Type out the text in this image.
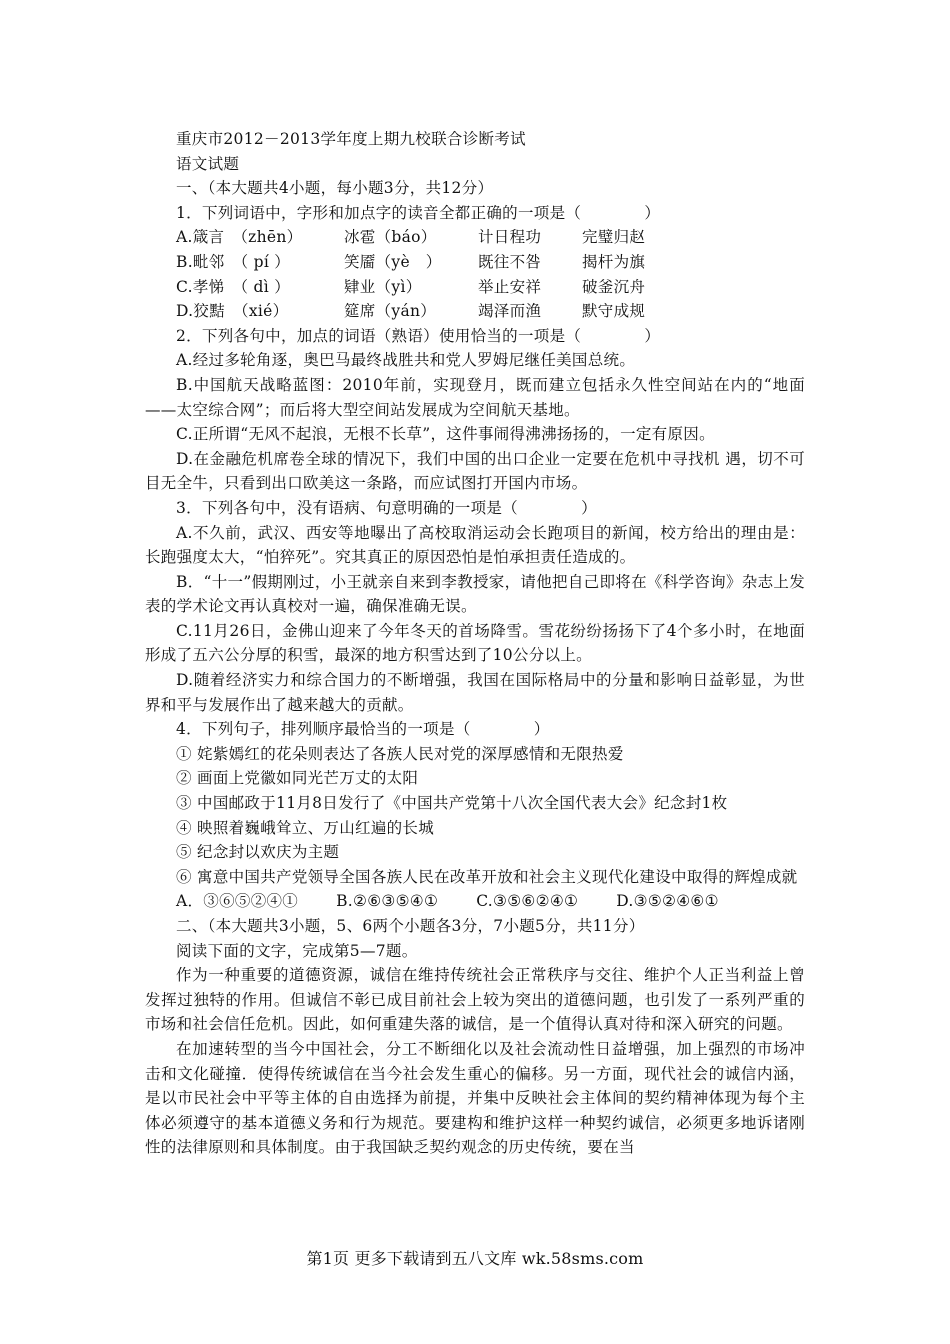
重庆市2012－2013学年度上期九校联合诊断考试
语文试题
一、（本大题共4小题，每小题3分，共12分）
1．下列词语中，字形和加点字的读音全都正确的一项是（　　　　）
A.箴言　（zhēn）	冰雹（báo）	计日程功	完璧归赵
B.毗邻　（ pí ）	笑靥（yè　） 既往不咎	揭杆为旗
C.孝悌　（ dì ）	肄业（yì）	举止安祥	破釜沉舟
D.狡黠　（xié）	筵席（yán）	竭泽而渔	默守成规
2．下列各句中，加点的词语（熟语）使用恰当的一项是（　　　　）
A.经过多轮角逐，奥巴马最终战胜共和党人罗姆尼继任美国总统。
B.中国航天战略蓝图：2010年前，实现登月，既而建立包括永久性空间站在内的“地面——太空综合网”；而后将大型空间站发展成为空间航天基地。
C.正所谓“无风不起浪，无根不长草”，这件事闹得沸沸扬扬的，一定有原因。
D.在金融危机席卷全球的情况下，我们中国的出口企业一定要在危机中寻找机 遇，切不可目无全牛，只看到出口欧美这一条路，而应试图打开国内市场。
3．下列各句中，没有语病、句意明确的一项是（　　　　）
A.不久前，武汉、西安等地曝出了高校取消运动会长跑项目的新闻，校方给出的理由是：长跑强度太大，“怕猝死”。究其真正的原因恐怕是怕承担责任造成的。
B．“十一”假期刚过，小王就亲自来到李教授家，请他把自己即将在《科学咨询》杂志上发表的学术论文再认真校对一遍，确保准确无误。
C.11月26日，金佛山迎来了今年冬天的首场降雪。雪花纷纷扬扬下了4个多小时，在地面形成了五六公分厚的积雪，最深的地方积雪达到了10公分以上。
D.随着经济实力和综合国力的不断增强，我国在国际格局中的分量和影响日益彰显，为世界和平与发展作出了越来越大的贡献。
4．下列句子，排列顺序最恰当的一项是（　　　　）
① 姹紫嫣红的花朵则表达了各族人民对党的深厚感情和无限热爱
② 画面上党徽如同光芒万丈的太阳
③ 中国邮政于11月8日发行了《中国共产党第十八次全国代表大会》纪念封1枚
④ 映照着巍峨耸立、万山红遍的长城
⑤ 纪念封以欢庆为主题
⑥ 寓意中国共产党领导全国各族人民在改革开放和社会主义现代化建设中取得的辉煌成就
A．③⑥⑤②④① B.②⑥③⑤④① C.③⑤⑥②④① D.③⑤②④⑥①
二、（本大题共3小题，5、6两个小题各3分，7小题5分，共11分）
阅读下面的文字，完成第5—7题。
作为一种重要的道德资源，诚信在维持传统社会正常秩序与交往、维护个人正当利益上曾发挥过独特的作用。但诚信不彰已成目前社会上较为突出的道德问题，也引发了一系列严重的市场和社会信任危机。因此，如何重建失落的诚信，是一个值得认真对待和深入研究的问题。
在加速转型的当今中国社会，分工不断细化以及社会流动性日益增强，加上强烈的市场冲击和文化碰撞．使得传统诚信在当今社会发生重心的偏移。另一方面，现代社会的诚信内涵，是以市民社会中平等主体的自由选择为前提，并集中反映社会主体间的契约精神体现为每个主体必须遵守的基本道德义务和行为规范。要建构和维护这样一种契约诚信，必须更多地诉诸刚性的法律原则和具体制度。由于我国缺乏契约观念的历史传统，要在当
第1页 更多下载请到五八文库 wk.58sms.com
